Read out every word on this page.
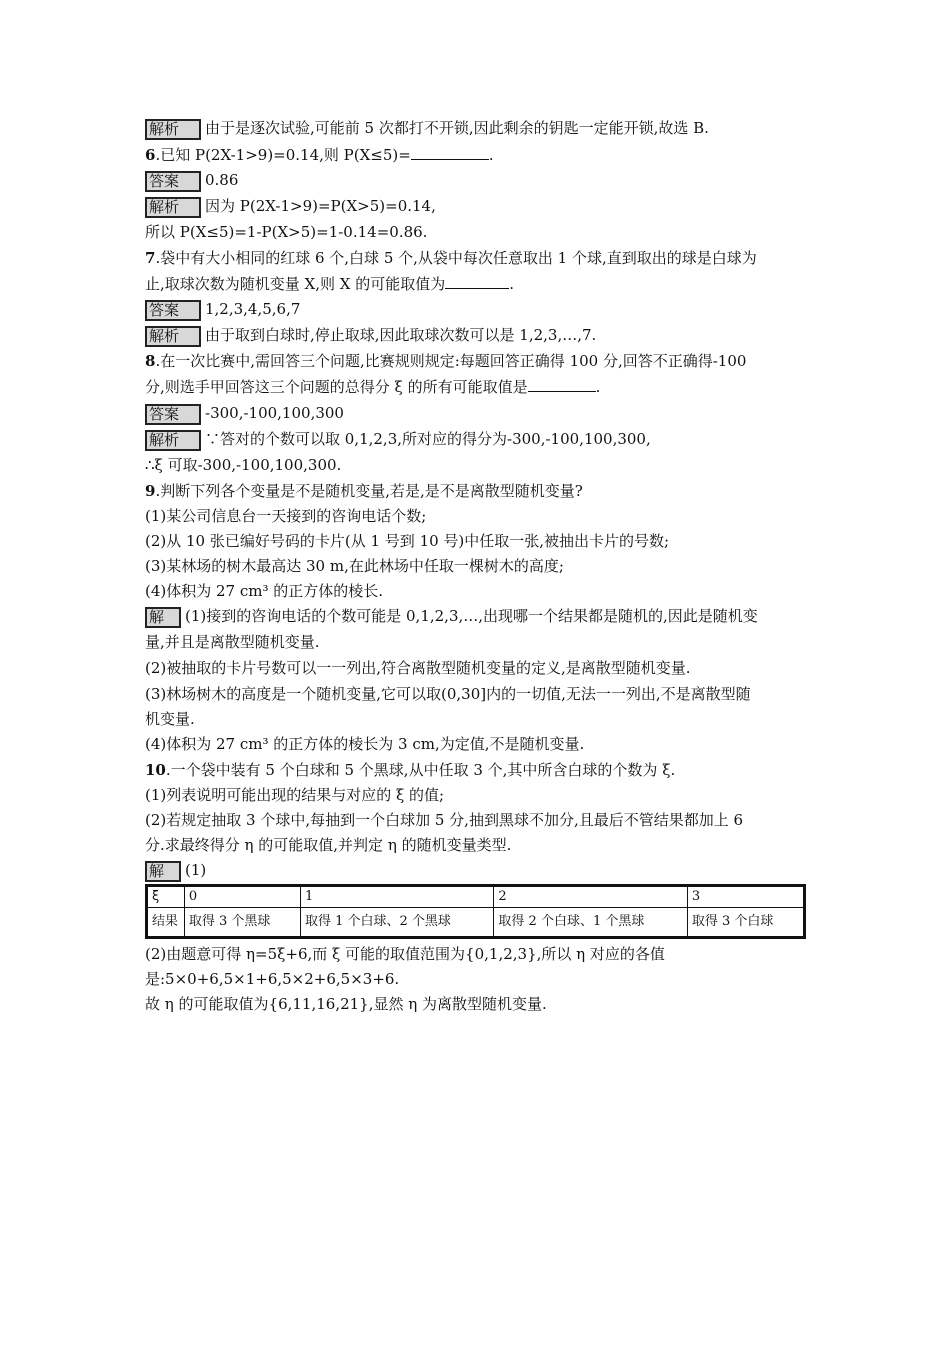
解析 由于是逐次试验,可能前 5 次都打不开锁,因此剩余的钥匙一定能开锁,故选 B.
6.已知 P(2X-1>9)=0.14,则 P(X≤5)=	.
答案 0.86
解析 因为 P(2X-1>9)=P(X>5)=0.14,
所以 P(X≤5)=1-P(X>5)=1-0.14=0.86.
7.袋中有大小相同的红球 6 个,白球 5 个,从袋中每次任意取出 1 个球,直到取出的球是白球为
止,取球次数为随机变量 X,则 X 的可能取值为	.
答案 1,2,3,4,5,6,7
解析 由于取到白球时,停止取球,因此取球次数可以是 1,2,3,…,7.
8.在一次比赛中,需回答三个问题,比赛规则规定:每题回答正确得 100 分,回答不正确得-100
分,则选手甲回答这三个问题的总得分 ξ 的所有可能取值是	.
答案 -300,-100,100,300
解析 ∵答对的个数可以取 0,1,2,3,所对应的得分为-300,-100,100,300,
∴ξ 可取-300,-100,100,300.
9.判断下列各个变量是不是随机变量,若是,是不是离散型随机变量?
(1)某公司信息台一天接到的咨询电话个数;
(2)从 10 张已编好号码的卡片(从 1 号到 10 号)中任取一张,被抽出卡片的号数;
(3)某林场的树木最高达 30 m,在此林场中任取一棵树木的高度;
(4)体积为 27 cm³ 的正方体的棱长.
解 (1)接到的咨询电话的个数可能是 0,1,2,3,…,出现哪一个结果都是随机的,因此是随机变
量,并且是离散型随机变量.
(2)被抽取的卡片号数可以一一列出,符合离散型随机变量的定义,是离散型随机变量.
(3)林场树木的高度是一个随机变量,它可以取(0,30]内的一切值,无法一一列出,不是离散型随
机变量.
(4)体积为 27 cm³ 的正方体的棱长为 3 cm,为定值,不是随机变量.
10.一个袋中装有 5 个白球和 5 个黑球,从中任取 3 个,其中所含白球的个数为 ξ.
(1)列表说明可能出现的结果与对应的 ξ 的值;
(2)若规定抽取 3 个球中,每抽到一个白球加 5 分,抽到黑球不加分,且最后不管结果都加上 6
分.求最终得分 η 的可能取值,并判定 η 的随机变量类型.
解 (1)
ξ	0	1	2	3
结果	取得 3 个黑球	取得 1 个白球、2 个黑球	取得 2 个白球、1 个黑球	取得 3 个白球
(2)由题意可得 η=5ξ+6,而 ξ 可能的取值范围为{0,1,2,3},所以 η 对应的各值
是:5×0+6,5×1+6,5×2+6,5×3+6.
故 η 的可能取值为{6,11,16,21},显然 η 为离散型随机变量.
